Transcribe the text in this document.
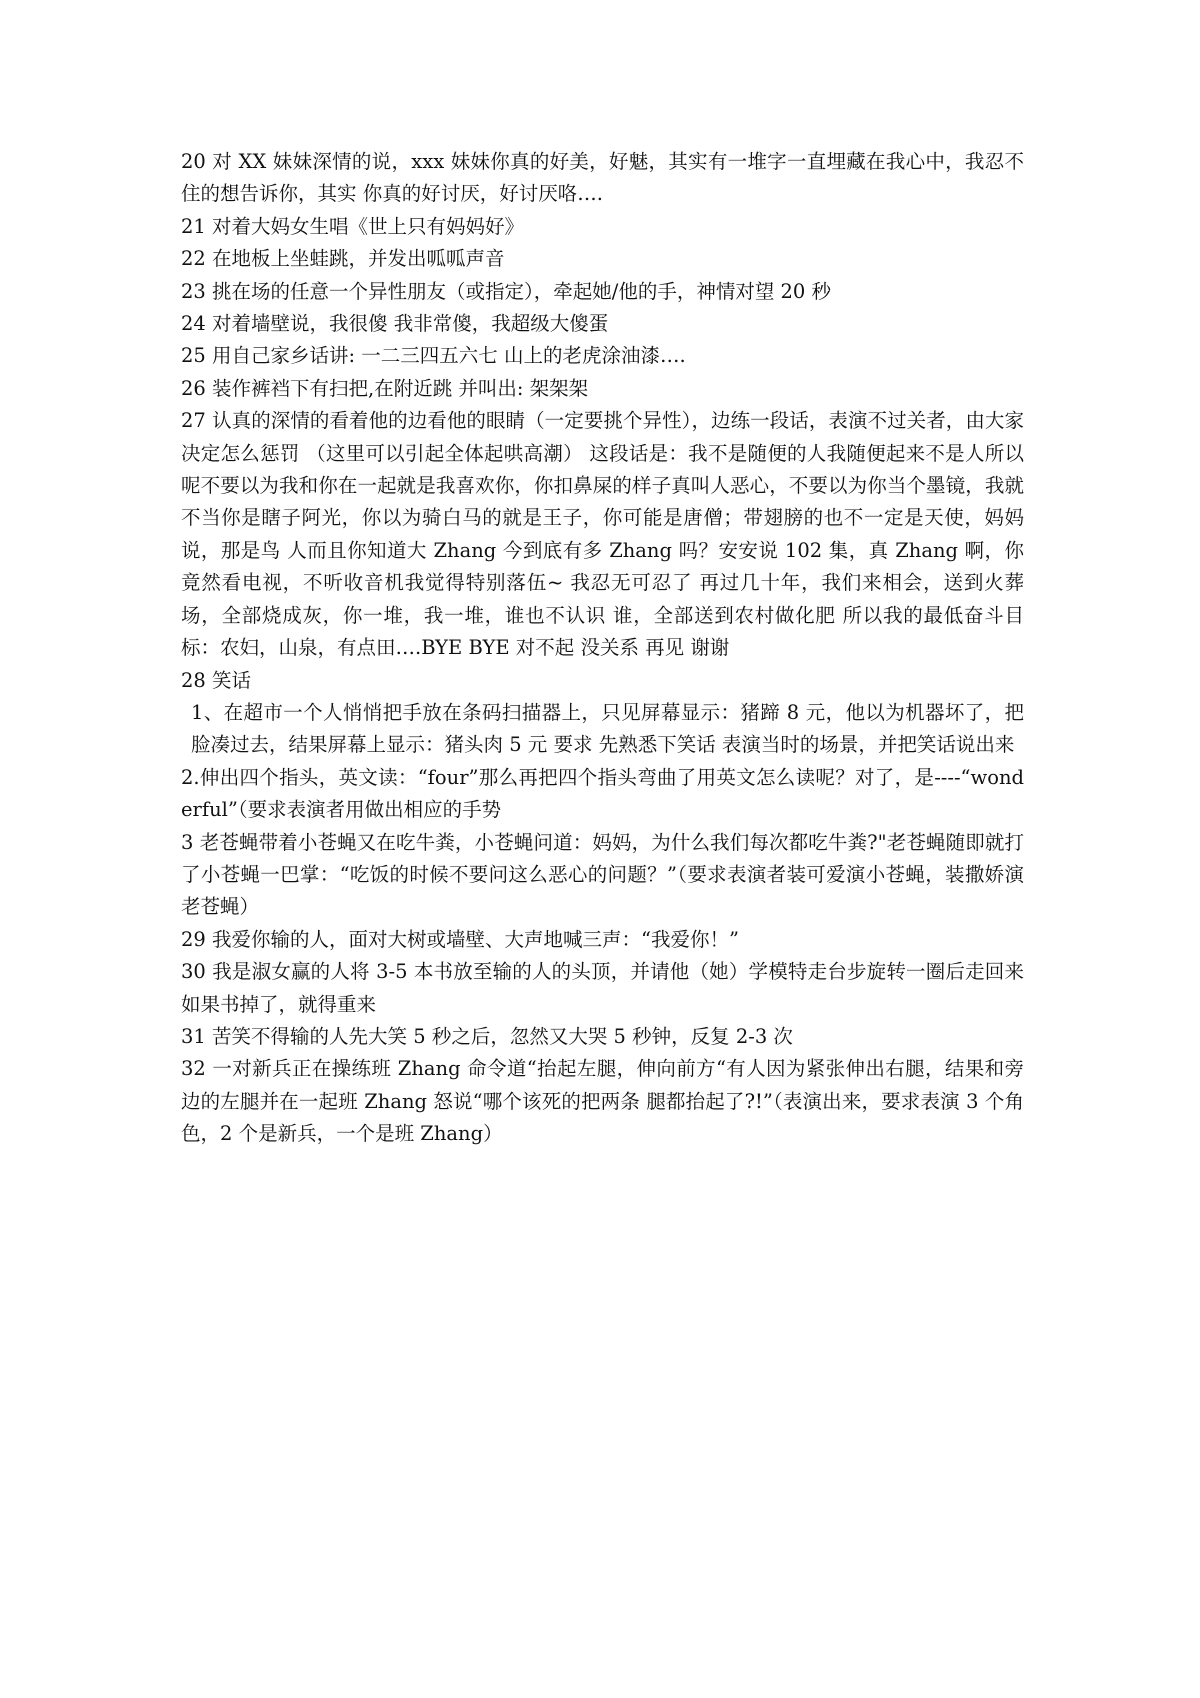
20 对 XX 妹妹深情的说，xxx 妹妹你真的好美，好魅，其实有一堆字一直埋藏在我心中，我忍不住的想告诉你，其实 你真的好讨厌，好讨厌咯….

21 对着大妈女生唱《世上只有妈妈好》

22 在地板上坐蛙跳，并发出呱呱声音

23 挑在场的任意一个异性朋友（或指定），牵起她/他的手，神情对望 20 秒

24 对着墙壁说，我很傻 我非常傻，我超级大傻蛋

25 用自己家乡话讲: 一二三四五六七 山上的老虎涂油漆….

26 装作裤裆下有扫把,在附近跳 并叫出: 架架架

27 认真的深情的看着他的边看他的眼睛（一定要挑个异性），边练一段话，表演不过关者，由大家决定怎么惩罚 （这里可以引起全体起哄高潮） 这段话是：我不是随便的人我随便起来不是人所以呢不要以为我和你在一起就是我喜欢你，你扣鼻屎的样子真叫人恶心，不要以为你当个墨镜，我就不当你是瞎子阿光，你以为骑白马的就是王子，你可能是唐僧；带翅膀的也不一定是天使，妈妈说，那是鸟 人而且你知道大 Zhang 今到底有多 Zhang 吗？安安说 102 集，真 Zhang 啊，你竟然看电视，不听收音机我觉得特别落伍~ 我忍无可忍了 再过几十年，我们来相会，送到火葬场，全部烧成灰，你一堆，我一堆，谁也不认识 谁，全部送到农村做化肥 所以我的最低奋斗目标：农妇，山泉，有点田….BYE BYE 对不起 没关系 再见 谢谢

28 笑话

1、在超市一个人悄悄把手放在条码扫描器上，只见屏幕显示：猪蹄 8 元，他以为机器坏了，把脸凑过去，结果屏幕上显示：猪头肉 5 元 要求 先熟悉下笑话 表演当时的场景，并把笑话说出来

2.伸出四个指头，英文读：“four”那么再把四个指头弯曲了用英文怎么读呢？对了，是----“wonderful”（要求表演者用做出相应的手势

3 老苍蝇带着小苍蝇又在吃牛粪，小苍蝇问道：妈妈，为什么我们每次都吃牛粪?"老苍蝇随即就打了小苍蝇一巴掌：“吃饭的时候不要问这么恶心的问题？”（要求表演者装可爱演小苍蝇，装撒娇演老苍蝇）

29 我爱你输的人，面对大树或墙壁、大声地喊三声：“我爱你！”

30 我是淑女赢的人将 3-5 本书放至输的人的头顶，并请他（她）学模特走台步旋转一圈后走回来如果书掉了，就得重来

31 苦笑不得输的人先大笑 5 秒之后，忽然又大哭 5 秒钟，反复 2-3 次

32 一对新兵正在操练班 Zhang 命令道“抬起左腿，伸向前方“有人因为紧张伸出右腿，结果和旁边的左腿并在一起班 Zhang 怒说“哪个该死的把两条 腿都抬起了?!”（表演出来，要求表演 3 个角色，2 个是新兵，一个是班 Zhang）
